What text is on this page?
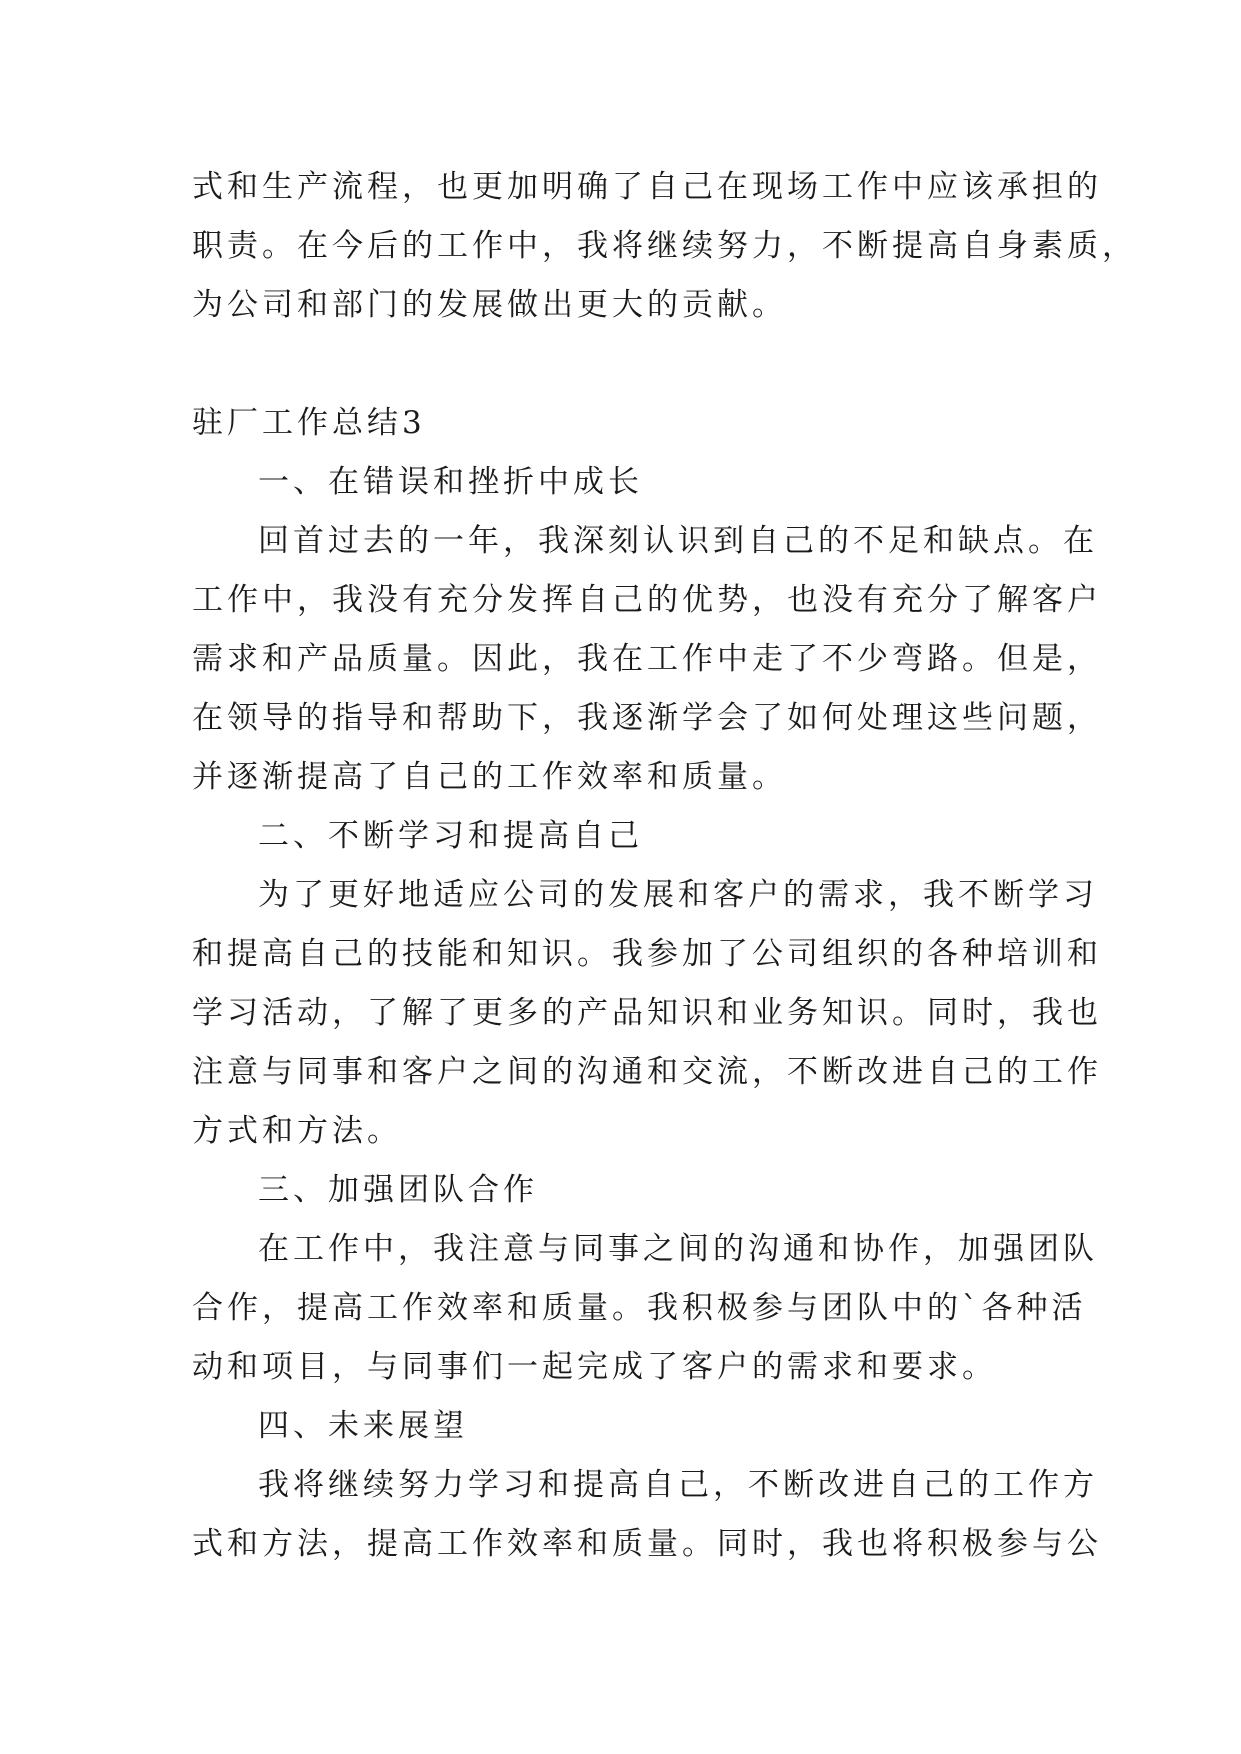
式和生产流程，也更加明确了自己在现场工作中应该承担的
职责。在今后的工作中，我将继续努力，不断提高自身素质，
为公司和部门的发展做出更大的贡献。
驻厂工作总结3
一、在错误和挫折中成长
回首过去的一年，我深刻认识到自己的不足和缺点。在
工作中，我没有充分发挥自己的优势，也没有充分了解客户
需求和产品质量。因此，我在工作中走了不少弯路。但是，
在领导的指导和帮助下，我逐渐学会了如何处理这些问题，
并逐渐提高了自己的工作效率和质量。
二、不断学习和提高自己
为了更好地适应公司的发展和客户的需求，我不断学习
和提高自己的技能和知识。我参加了公司组织的各种培训和
学习活动，了解了更多的产品知识和业务知识。同时，我也
注意与同事和客户之间的沟通和交流，不断改进自己的工作
方式和方法。
三、加强团队合作
在工作中，我注意与同事之间的沟通和协作，加强团队
合作，提高工作效率和质量。我积极参与团队中的`各种活
动和项目，与同事们一起完成了客户的需求和要求。
四、未来展望
我将继续努力学习和提高自己，不断改进自己的工作方
式和方法，提高工作效率和质量。同时，我也将积极参与公
